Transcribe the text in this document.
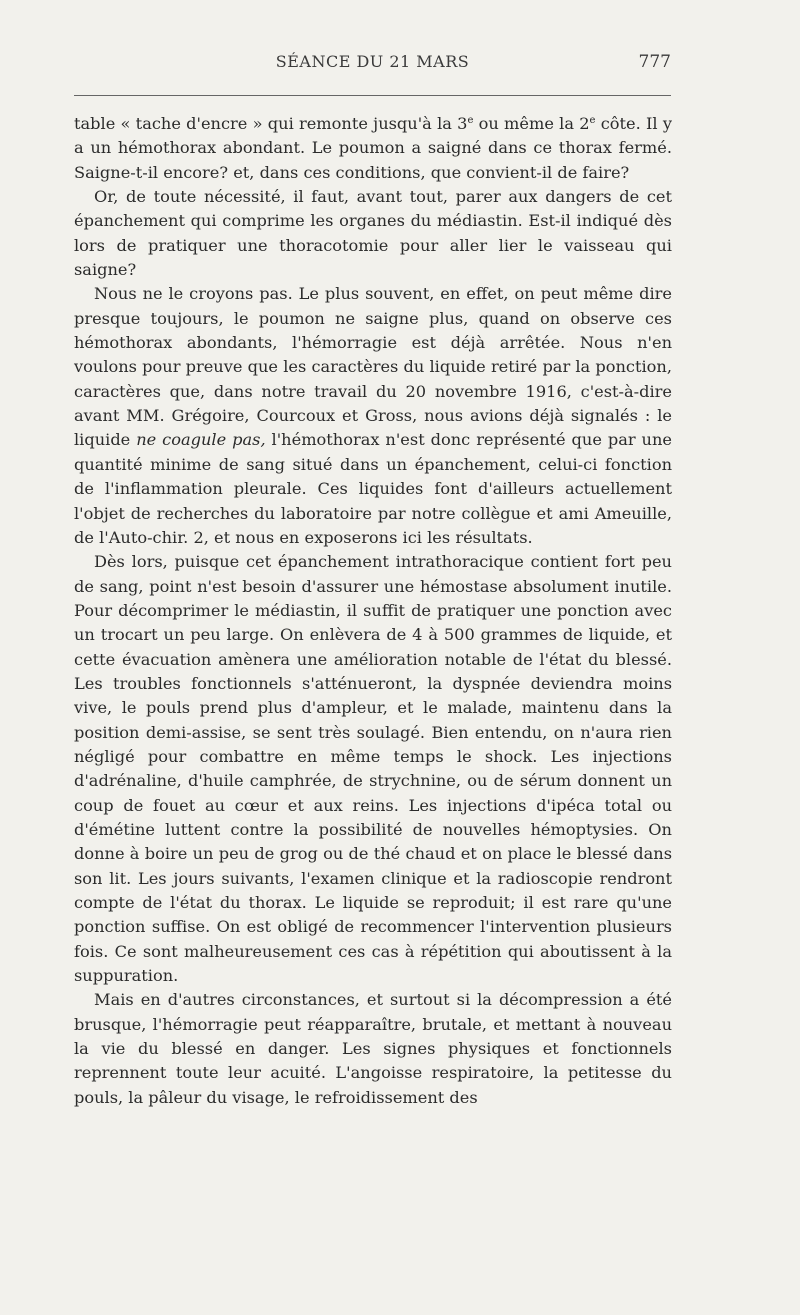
SÉANCE DU 21 MARS	777

table « tache d'encre » qui remonte jusqu'à la 3e ou même la 2e côte. Il y a un hémothorax abondant. Le poumon a saigné dans ce thorax fermé. Saigne-t-il encore? et, dans ces conditions, que convient-il de faire?

Or, de toute nécessité, il faut, avant tout, parer aux dangers de cet épanchement qui comprime les organes du médiastin. Est-il indiqué dès lors de pratiquer une thoracotomie pour aller lier le vaisseau qui saigne?

Nous ne le croyons pas. Le plus souvent, en effet, on peut même dire presque toujours, le poumon ne saigne plus, quand on observe ces hémothorax abondants, l'hémorragie est déjà arrêtée. Nous n'en voulons pour preuve que les caractères du liquide retiré par la ponction, caractères que, dans notre travail du 20 novembre 1916, c'est-à-dire avant MM. Grégoire, Courcoux et Gross, nous avions déjà signalés : le liquide ne coagule pas, l'hémothorax n'est donc représenté que par une quantité minime de sang situé dans un épanchement, celui-ci fonction de l'inflammation pleurale. Ces liquides font d'ailleurs actuellement l'objet de recherches du laboratoire par notre collègue et ami Ameuille, de l'Auto-chir. 2, et nous en exposerons ici les résultats.

Dès lors, puisque cet épanchement intrathoracique contient fort peu de sang, point n'est besoin d'assurer une hémostase absolument inutile. Pour décomprimer le médiastin, il suffit de pratiquer une ponction avec un trocart un peu large. On enlèvera de 4 à 500 grammes de liquide, et cette évacuation amènera une amélioration notable de l'état du blessé. Les troubles fonctionnels s'atténueront, la dyspnée deviendra moins vive, le pouls prend plus d'ampleur, et le malade, maintenu dans la position demi-assise, se sent très soulagé. Bien entendu, on n'aura rien négligé pour combattre en même temps le shock. Les injections d'adrénaline, d'huile camphrée, de strychnine, ou de sérum donnent un coup de fouet au cœur et aux reins. Les injections d'ipéca total ou d'émétine luttent contre la possibilité de nouvelles hémoptysies. On donne à boire un peu de grog ou de thé chaud et on place le blessé dans son lit. Les jours suivants, l'examen clinique et la radioscopie rendront compte de l'état du thorax. Le liquide se reproduit; il est rare qu'une ponction suffise. On est obligé de recommencer l'intervention plusieurs fois. Ce sont malheureusement ces cas à répétition qui aboutissent à la suppuration.

Mais en d'autres circonstances, et surtout si la décompression a été brusque, l'hémorragie peut réapparaître, brutale, et mettant à nouveau la vie du blessé en danger. Les signes physiques et fonctionnels reprennent toute leur acuité. L'angoisse respiratoire, la petitesse du pouls, la pâleur du visage, le refroidissement des
